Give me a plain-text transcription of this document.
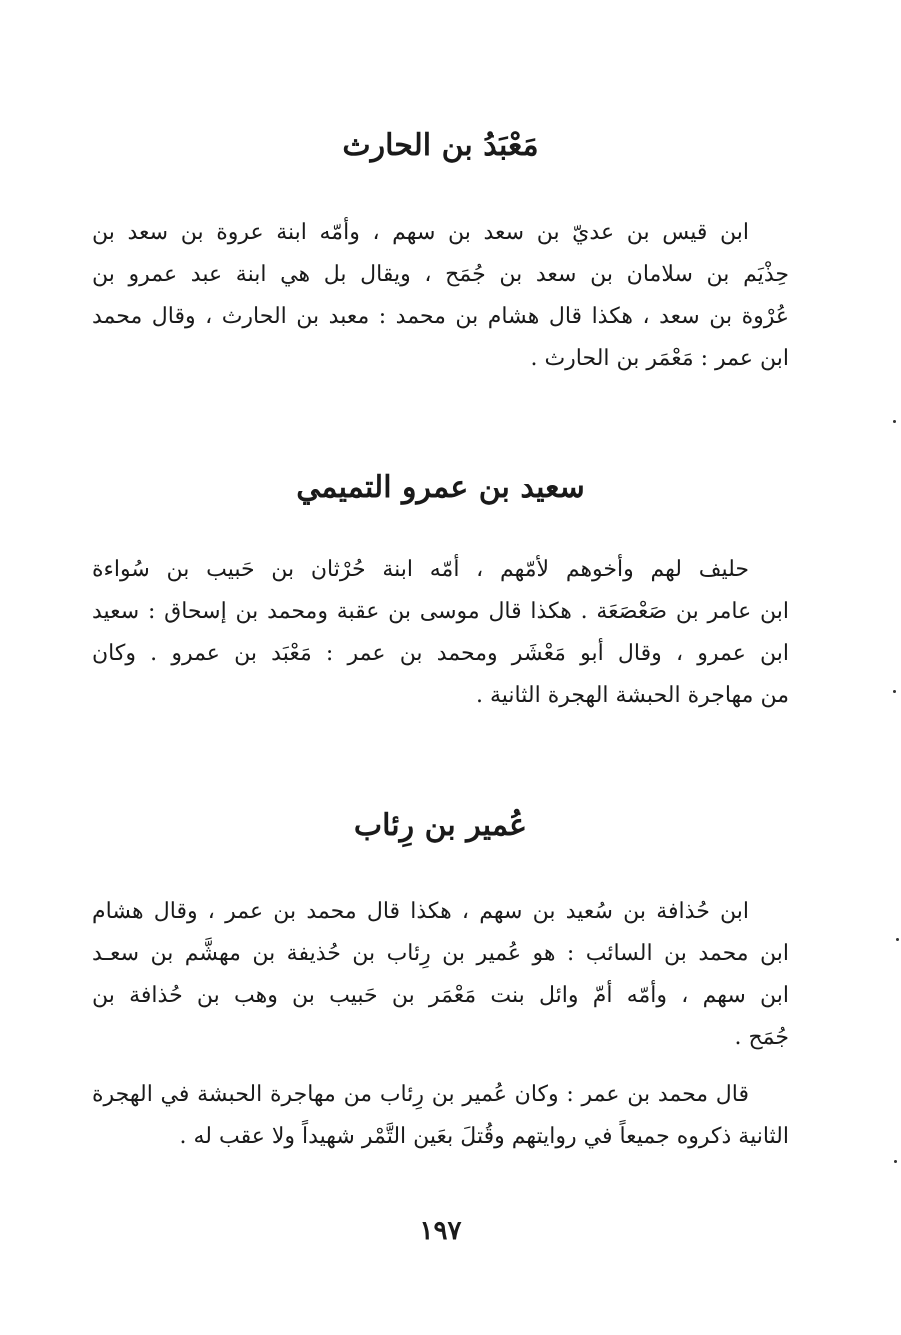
مَعْبَدُ بن الحارث
ابن قيس بن عديّ بن سعد بن سهم ، وأمّه ابنة عروة بن سعد بن
حِذْيَم بن سلامان بن سعد بن جُمَح ، ويقال بل هي ابنة عبد عمرو بن
عُرْوة بن سعد ، هكذا قال هشام بن محمد : معبد بن الحارث ، وقال محمد
ابن عمر : مَعْمَر بن الحارث .
سعيد بن عمرو التميمي
حليف لهم وأخوهم لأمّهم ، أمّه ابنة حُرْثان بن حَبيب بن سُواءة
ابن عامر بن صَعْصَعَة . هكذا قال موسى بن عقبة ومحمد بن إسحاق : سعيد
ابن عمرو ، وقال أبو مَعْشَر ومحمد بن عمر : مَعْبَد بن عمرو . وكان
من مهاجرة الحبشة الهجرة الثانية .
عُمير بن رِئاب
ابن حُذافة بن سُعيد بن سهم ، هكذا قال محمد بن عمر ، وقال هشام
ابن محمد بن السائب : هو عُمير بن رِئاب بن حُذيفة بن مهشَّم بن سعـد
ابن سهم ، وأمّه أمّ وائل بنت مَعْمَر بن حَبيب بن وهب بن حُذافة بن
جُمَح .
قال محمد بن عمر : وكان عُمير بن رِئاب من مهاجرة الحبشة في الهجرة
الثانية ذكروه جميعاً في روايتهم وقُتلَ بعَين التَّمْر شهيداً ولا عقب له .
١٩٧
